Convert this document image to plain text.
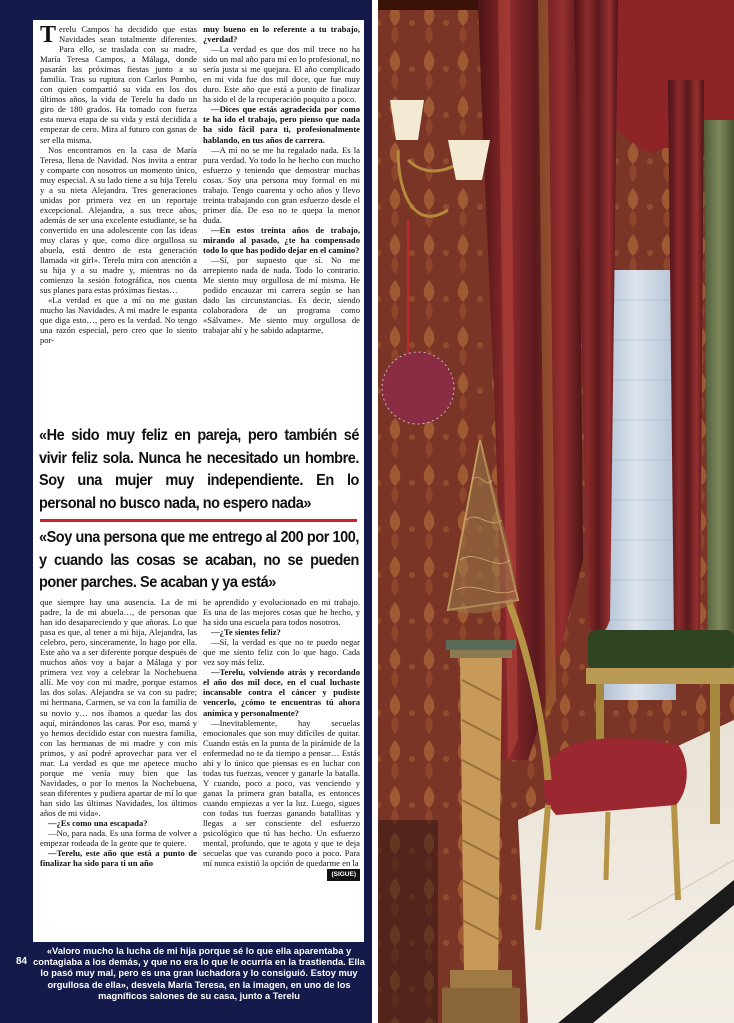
Terelu Campos ha decidido que estas Navidades sean totalmente diferentes. Para ello, se traslada con su madre, María Teresa Campos, a Málaga, donde pasarán las próximas fiestas junto a su familia. Tras su ruptura con Carlos Pombo, con quien compartió su vida en los dos últimos años, la vida de Terelu ha dado un giro de 180 grados. Ha tomado con fuerza esta nueva etapa de su vida y está decidida a empezar de cero. Mira al futuro con ganas de ser ella misma.

Nos encontramos en la casa de María Teresa, llena de Navidad. Nos invita a entrar y comparte con nosotros un momento único, muy especial. A su lado tiene a su hija Terelu y a su nieta Alejandra. Tres generaciones unidas por primera vez en un reportaje excepcional. Alejandra, a sus trece años, además de ser una excelente estudiante, se ha convertido en una adolescente con las ideas muy claras y que, como dice orgullosa su abuela, está dentro de esta generación llamada «it girl». Terelu mira con atención a su hija y a su madre y, mientras no da comienzo la sesión fotográfica, nos cuenta sus planes para estas próximas fiestas…

«La verdad es que a mí no me gustan mucho las Navidades. A mi madre le espanta que diga esto…, pero es la verdad. No tengo una razón especial, pero creo que lo siento por-

muy bueno en lo referente a tu trabajo, ¿verdad?

—La verdad es que dos mil trece no ha sido un mal año para mí en lo profesional, no sería justa si me quejara. El año complicado en mi vida fue dos mil doce, que fue muy duro. Este año que está a punto de finalizar ha sido el de la recuperación poquito a poco.

—Dices que estás agradecida por como te ha ido el trabajo, pero pienso que nada ha sido fácil para ti, profesionalmente hablando, en tus años de carrera.

—A mí no se me ha regalado nada. Es la pura verdad. Yo todo lo he hecho con mucho esfuerzo y teniendo que demostrar muchas cosas. Soy una persona muy formal en mi trabajo. Tengo cuarenta y ocho años y llevo treinta trabajando con gran esfuerzo desde el primer día. De eso no te quepa la menor duda.

—En estos treinta años de trabajo, mirando al pasado, ¿te ha compensado todo lo que has podido dejar en el camino?

—Sí, por supuesto que sí. No me arrepiento nada de nada. Todo lo contrario. Me siento muy orgullosa de mí misma. He podido encauzar mi carrera según se han dado las circunstancias. Es decir, siendo colaboradora de un programa como «Sálvame». Me siento muy orgullosa de trabajar ahí y he sabido adaptarme,

«He sido muy feliz en pareja, pero también sé vivir feliz sola. Nunca he necesitado un hombre. Soy una mujer muy independiente. En lo personal no busco nada, no espero nada»
«Soy una persona que me entrego al 200 por 100, y cuando las cosas se acaban, no se pueden poner parches. Se acaban y ya está»

que siempre hay una ausencia. La de mi padre, la de mi abuela…, de personas que han ido desapareciendo y que añoras. Lo que pasa es que, al tener a mi hija, Alejandra, las celebro, pero, sinceramente, lo hago por ella. Este año va a ser diferente porque después de muchos años voy a bajar a Málaga y por primera vez voy a celebrar la Nochebuena allí. Me voy con mi madre, porque estamos las dos solas. Alejandra se va con su padre; mi hermana, Carmen, se va con la familia de su novio y… nos íbamos a quedar las dos aquí, mirándonos las caras. Por eso, mamá y yo hemos decidido estar con nuestra familia, con las hermanas de mi madre y con mis primos, y así podré aprovechar para ver el mar. La verdad es que me apetece mucho porque me venía muy bien que las Navidades, o por lo menos la Nochebuena, sean diferentes y pudiera apartar de mí lo que han sido las últimas Navidades, los últimos años de mi vida».

—¿Es como una escapada?

—No, para nada. Es una forma de volver a empezar rodeada de la gente que te quiere.

—Terelu, este año que está a punto de finalizar ha sido para ti un año

he aprendido y evolucionado en mi trabajo. Es una de las mejores cosas que he hecho, y ha sido una escuela para todos nosotros.

—¿Te sientes feliz?

—Sí, la verdad es que no te puedo negar que me siento feliz con lo que hago. Cada vez soy más feliz.

—Terelu, volviendo atrás y recordando el año dos mil doce, en el cual luchaste incansable contra el cáncer y pudiste vencerlo, ¿cómo te encuentras tú ahora anímica y personalmente?

—Inevitablemente, hay secuelas emocionales que son muy difíciles de quitar. Cuando estás en la punta de la pirámide de la enfermedad no te da tiempo a pensar… Estás ahí y lo único que piensas es en luchar con todas tus fuerzas, vencer y ganarle la batalla. Y cuando, poco a poco, vas venciendo y ganas la primera gran batalla, es entonces cuando empiezas a ver la luz. Luego, sigues con todas tus fuerzas ganando batallitas y llegas a ser consciente del esfuerzo psicológico que tú has hecho. Un esfuerzo mental, profundo, que te agota y que te deja secuelas que vas curando poco a poco. Para mí nunca existió la opción de quedarme en la

(SIGUE)
84
«Valoro mucho la lucha de mi hija porque sé lo que ella aparentaba y contagiaba a los demás, y que no era lo que le ocurría en la trastienda. Ella lo pasó muy mal, pero es una gran luchadora y lo consiguió. Estoy muy orgullosa de ella», desvela María Teresa, en la imagen, en uno de los magníficos salones de su casa, junto a Terelu
